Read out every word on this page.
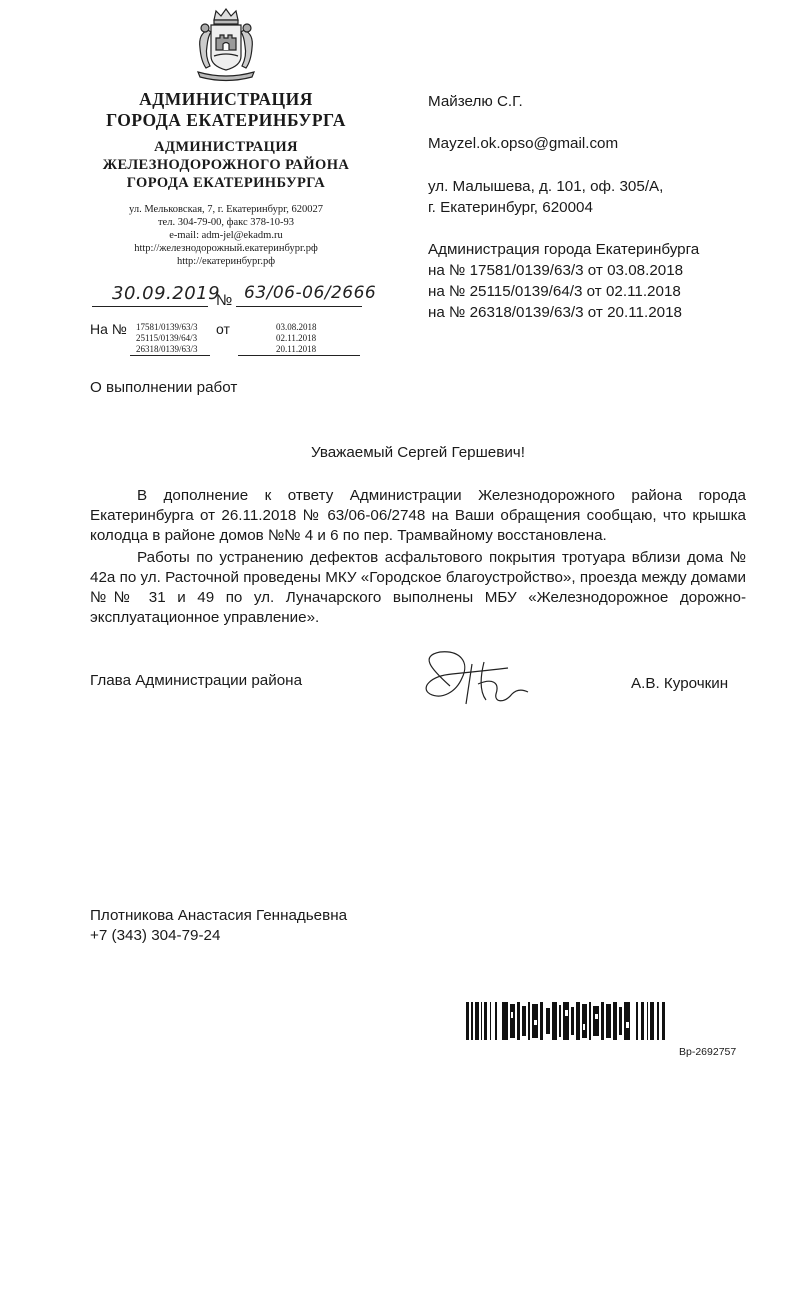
АДМИНИСТРАЦИЯ
ГОРОДА ЕКАТЕРИНБУРГА
АДМИНИСТРАЦИЯ
ЖЕЛЕЗНОДОРОЖНОГО РАЙОНА
ГОРОДА ЕКАТЕРИНБУРГА
ул. Мельковская, 7, г. Екатеринбург, 620027
тел. 304-79-00, факс 378-10-93
e-mail: adm-jel@ekadm.ru
http://железнодорожный.екатеринбург.рф
http://екатеринбург.рф
30.09.2019
№ 63/06-06/2666
На № 17581/0139/63/3
25115/0139/64/3
26318/0139/63/3
от	03.08.2018
02.11.2018
20.11.2018
Майзелю С.Г.
Mayzel.ok.opso@gmail.com
ул. Малышева, д. 101, оф. 305/А,
г. Екатеринбург, 620004
Администрация города Екатеринбурга
на № 17581/0139/63/3 от 03.08.2018
на № 25115/0139/64/3 от 02.11.2018
на № 26318/0139/63/3 от 20.11.2018
О выполнении работ
Уважаемый Сергей Гершевич!
В дополнение к ответу Администрации Железнодорожного района города Екатеринбурга от 26.11.2018 № 63/06-06/2748 на Ваши обращения сообщаю, что крышка колодца в районе домов №№ 4 и 6 по пер. Трамвайному восстановлена.
Работы по устранению дефектов асфальтового покрытия тротуара вблизи дома № 42а по ул. Расточной проведены МКУ «Городское благоустройство», проезда между домами №№ 31 и 49 по ул. Луначарского выполнены МБУ «Железнодорожное дорожно-эксплуатационное управление».
Глава Администрации района	А.В. Курочкин
Плотникова Анастасия Геннадьевна
+7 (343) 304-79-24
Вр-2692757
